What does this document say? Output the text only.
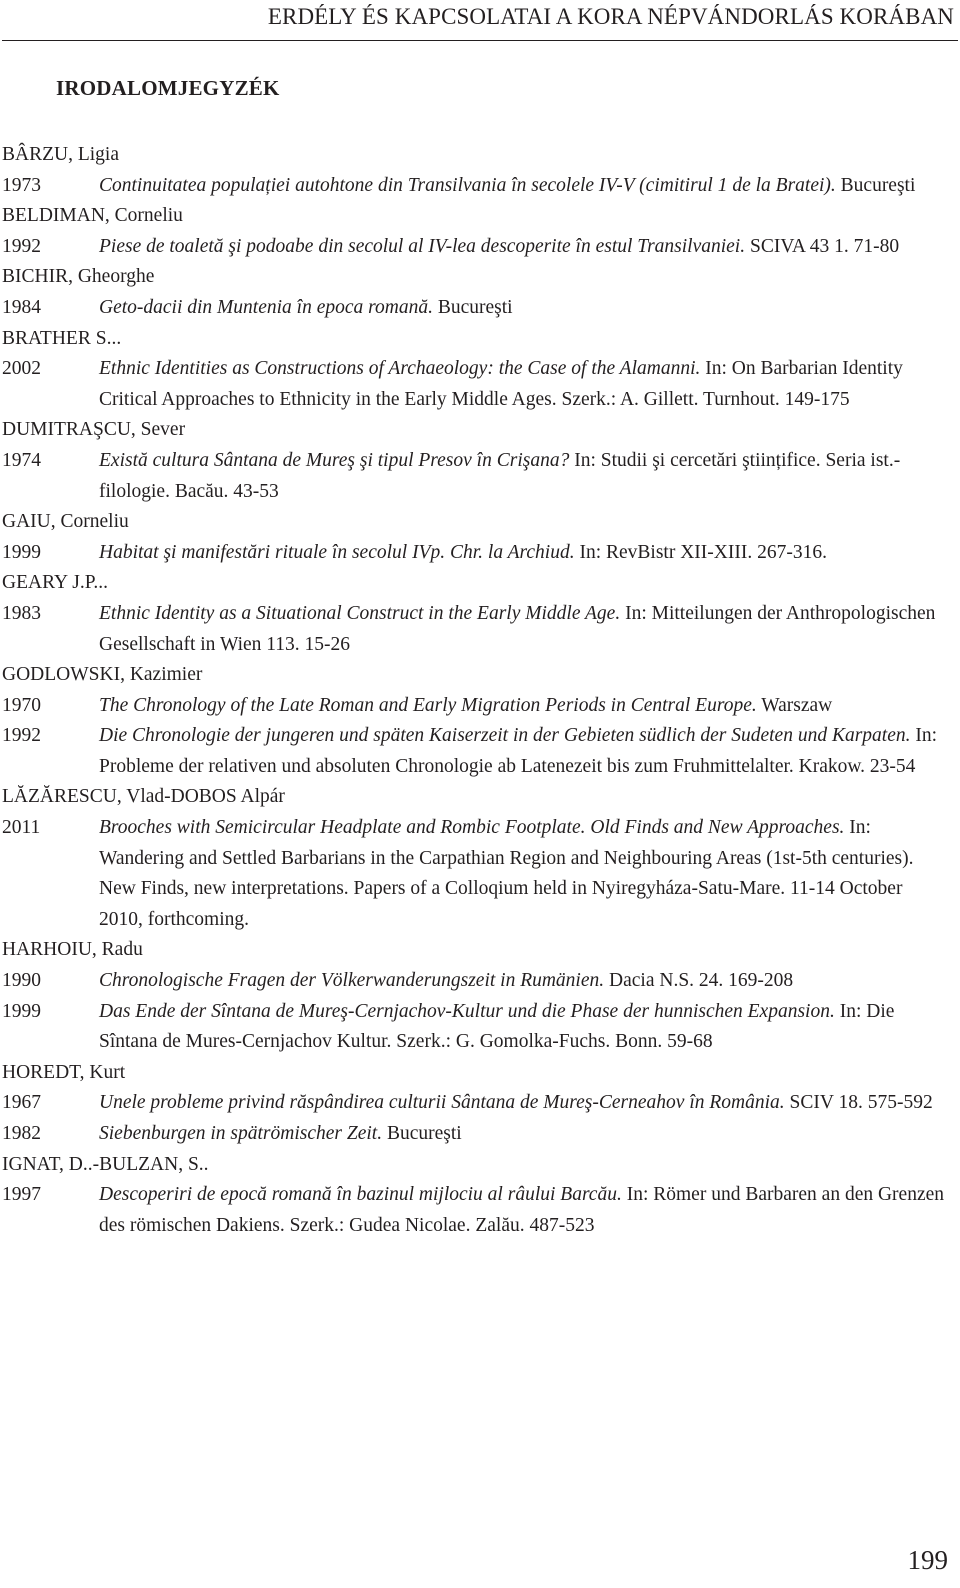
ERDÉLY ÉS KAPCSOLATAI A KORA NÉPVÁNDORLÁS KORÁBAN
IRODALOMJEGYZÉK
BÂRZU, Ligia
1973	Continuitatea populației autohtone din Transilvania în secolele IV-V (cimitirul 1 de la Bratei). Bucureşti
BELDIMAN, Corneliu
1992	Piese de toaletă şi podoabe din secolul al IV-lea descoperite în estul Transilvaniei. SCIVA 43 1. 71-80
BICHIR, Gheorghe
1984	Geto-dacii din Muntenia în epoca romană. Bucureşti
BRATHER S...
2002	Ethnic Identities as Constructions of Archaeology: the Case of the Alamanni. In: On Barbarian Identity Critical Approaches to Ethnicity in the Early Middle Ages. Szerk.: A. Gillett. Turnhout. 149-175
DUMITRAŞCU, Sever
1974	Există cultura Sântana de Mureş şi tipul Presov în Crişana? In: Studii şi cercetări ştiințifice. Seria ist.-filologie. Bacău. 43-53
GAIU, Corneliu
1999	Habitat şi manifestări rituale în secolul IVp. Chr. la Archiud. In: RevBistr XII-XIII. 267-316.
GEARY J.P...
1983	Ethnic Identity as a Situational Construct in the Early Middle Age. In: Mitteilungen der Anthropologischen Gesellschaft in Wien 113. 15-26
GODLOWSKI, Kazimier
1970	The Chronology of the Late Roman and Early Migration Periods in Central Europe. Warszaw
1992	Die Chronologie der jungeren und späten Kaiserzeit in der Gebieten südlich der Sudeten und Karpaten. In: Probleme der relativen und absoluten Chronologie ab Latenezeit bis zum Fruhmittelalter. Krakow. 23-54
LĂZĂRESCU, Vlad-DOBOS Alpár
2011	Brooches with Semicircular Headplate and Rombic Footplate. Old Finds and New Approaches. In: Wandering and Settled Barbarians in the Carpathian Region and Neighbouring Areas (1st-5th centuries). New Finds, new interpretations. Papers of a Colloqium held in Nyiregyháza-Satu-Mare. 11-14 October 2010, forthcoming.
HARHOIU, Radu
1990	Chronologische Fragen der Völkerwanderungszeit in Rumänien. Dacia N.S. 24. 169-208
1999	Das Ende der Sîntana de Mureş-Cernjachov-Kultur und die Phase der hunnischen Expansion. In: Die Sîntana de Mures-Cernjachov Kultur. Szerk.: G. Gomolka-Fuchs. Bonn. 59-68
HOREDT, Kurt
1967	Unele probleme privind răspândirea culturii Sântana de Mureş-Cerneahov în România. SCIV 18. 575-592
1982	Siebenburgen in spätrömischer Zeit. Bucureşti
IGNAT, D..-BULZAN, S..
1997	Descoperiri de epocă romană în bazinul mijlociu al râului Barcău. In: Römer und Barbaren an den Grenzen des römischen Dakiens. Szerk.: Gudea Nicolae. Zalău. 487-523
199
